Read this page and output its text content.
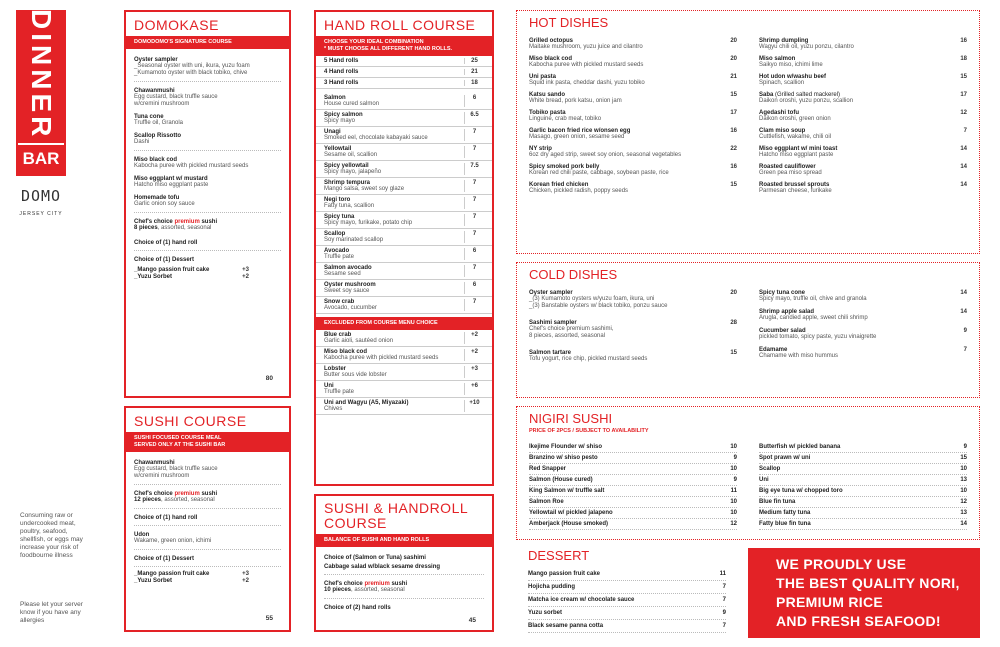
DINNER
BAR
DOMO
JERSEY CITY
Consuming raw or undercooked meat, poultry, seafood, shellfish, or eggs may increase your risk of foodbourne illness
Please let your server know if you have any allergies
DOMOKASE
DOMODOMO'S SIGNATURE COURSE
Oyster sampler
_Seasonal oyster with uni, ikura, yuzu foam
_Kumamoto oyster with black tobiko, chive
Chawanmushi
Egg custard, black truffle sauce
w/cremini mushroom
Tuna cone
Truffle oil, Granola
Scallop Rissotto
Dashi
Miso black cod
Kabocha puree with pickled mustard seeds
Miso eggplant w/ mustard
Hatcho miso eggplant paste
Homemade tofu
Garlic onion soy sauce
Chef's choice premium sushi
8 pieces, assorted, seasonal
Choice of (1) hand roll
Choice of (1) Dessert
_Mango passion fruit cake	+3
_Yuzu Sorbet	+2
80
SUSHI COURSE
SUSHI FOCUSED COURSE MEAL
SERVED ONLY AT THE SUSHI BAR
Chawanmushi
Egg custard, black truffle sauce
w/cremini mushroom
Chef's choice premium sushi
12 pieces, assorted, seasonal
Choice of (1) hand roll
Udon
Wakame, green onion, ichimi
Choice of (1) Dessert
_Mango passion fruit cake	+3
_Yuzu Sorbet	+2
55
HAND ROLL COURSE
CHOOSE YOUR IDEAL COMBINATION
* MUST CHOOSE ALL DIFFERENT HAND ROLLS.
5 Hand rolls	25
4 Hand rolls	21
3 Hand rolls	18
Salmon
House cured salmon
6
Spicy salmon
Spicy mayo
6.5
Unagi
Smoked eel, chocolate kabayaki sauce
7
Yellowtail
Sesame oil, scallion
7
Spicy yellowtail
Spicy mayo, jalapeño
7.5
Shrimp tempura
Mango salsa, sweet soy glaze
7
Negi toro
Fatty tuna, scallion
7
Spicy tuna
Spicy mayo, furikake, potato chip
7
Scallop
Soy marinated scallop
7
Avocado
Truffle pate
6
Salmon avocado
Sesame seed
7
Oyster mushroom
Sweet soy sauce
6
Snow crab
Avocado, cucumber
7
EXCLUDED FROM COURSE MENU CHOICE
Blue crab
Garlic aioli, sautéed onion
+2
Miso black cod
Kabocha puree with pickled mustard seeds
+2
Lobster
Butter sous vide lobster
+3
Uni
Truffle pate
+6
Uni and Wagyu (A5, Miyazaki)
Chives
+10
SUSHI & HANDROLL
COURSE
BALANCE OF SUSHI AND HAND ROLLS
Choice of (Salmon or Tuna) sashimi
Cabbage salad w/black sesame dressing
Chef's choice premium sushi
10 pieces, assorted, seasonal
Choice of (2) hand rolls
45
HOT DISHES
Grilled octopus
Maitake mushroom, yuzu juice and cilantro
20
Miso black cod
Kabocha puree with pickled mustard seeds
20
Uni pasta
Squid ink pasta, cheddar dashi, yuzu tobiko
21
Katsu sando
White bread, pork katsu, onion jam
15
Tobiko pasta
Linguine, crab meat, tobiko
17
Garlic bacon fried rice w/onsen egg
Masago, green onion, sesame seed
16
NY strip
6oz dry aged strip, sweet soy onion, seasonal vegetables
22
Spicy smoked pork belly
Korean red chili paste, cabbage, soybean paste, rice
16
Korean fried chicken
Chicken, pickled radish, poppy seeds
15
Shrimp dumpling
Wagyu chili oil, yuzu ponzu, cilantro
16
Miso salmon
Saikyo miso, ichimi lime
18
Hot udon w/washu beef
Spinach, scallion
15
Saba (Grilled salted mackerel)
Daikon oroshi, yuzu ponzu, scallion
17
Agedashi tofu
Daikon oroshi, green onion
12
Clam miso soup
Cuttlefish, wakame, chili oil
7
Miso eggplant w/ mini toast
Hatcho miso eggplant paste
14
Roasted cauliflower
Green pea miso spread
14
Roasted brussel sprouts
Parmesan cheese, furikake
14
COLD DISHES
Oyster sampler
_(3) Kumamoto oysters w/yuzu foam, ikura, uni
_(3) Banstable oysters w/ black tobiko, ponzu sauce
20
Sashimi sampler
Chef's choice premium sashimi,
8 pieces, assorted, seasonal
28
Salmon tartare
Tofu yogurt, rice chip, pickled mustard seeds
15
Spicy tuna cone
Spicy mayo, truffle oil, chive and granola
14
Shrimp apple salad
Arugla, candied apple, sweet chili shrimp
14
Cucumber salad
pickled tomato, spicy paste, yuzu vinaigrette
9
Edamame
Chamame with miso hummus
7
NIGIRI SUSHI
PRICE OF 2PCS / SUBJECT TO AVAILABILITY
Ikejime Flounder w/ shiso	10
Branzino w/ shiso pesto	9
Red Snapper	10
Salmon (House cured)	9
King Salmon w/ truffle salt	11
Salmon Roe	10
Yellowtail w/ pickled jalapeno	10
Amberjack (House smoked)	12
Butterfish w/ pickled banana	9
Spot prawn w/ uni	15
Scallop	10
Uni	13
Big eye tuna w/ chopped toro	10
Blue fin tuna	12
Medium fatty tuna	13
Fatty blue fin tuna	14
DESSERT
Mango passion fruit cake	11
Hojicha pudding	7
Matcha ice cream w/ chocolate sauce	7
Yuzu sorbet	9
Black sesame panna cotta	7
WE PROUDLY USE
THE BEST QUALITY NORI,
PREMIUM RICE
AND FRESH SEAFOOD!
